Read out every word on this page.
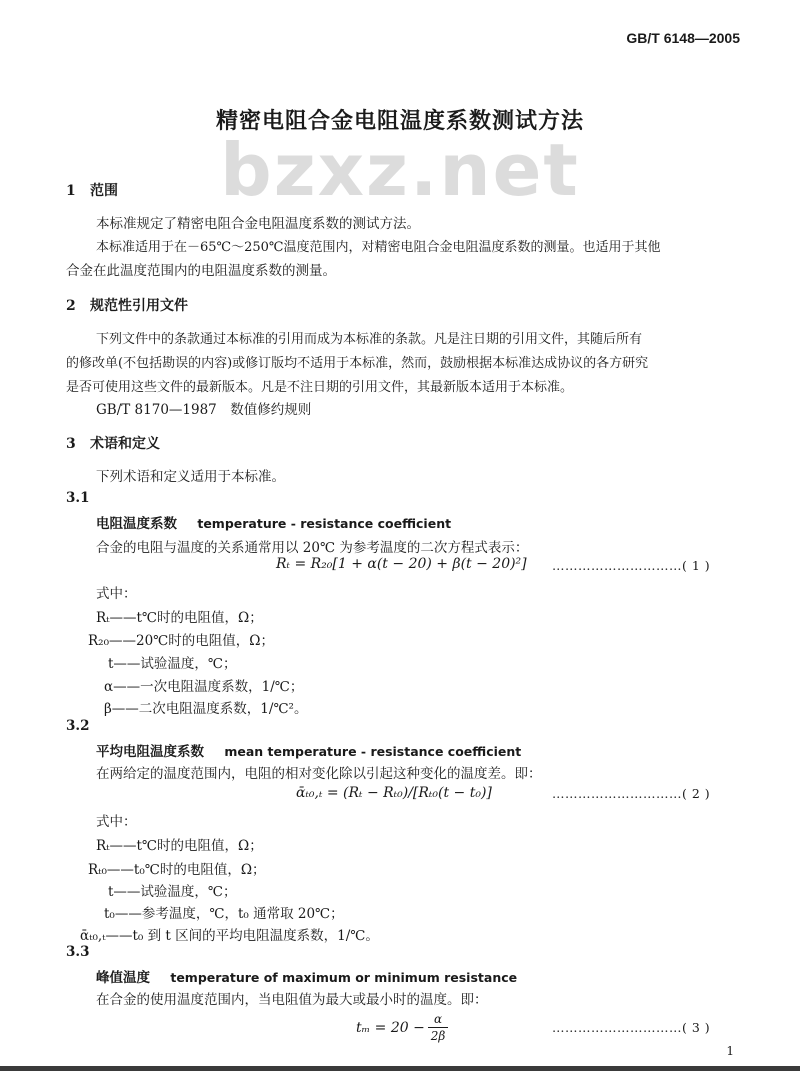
GB/T 6148—2005
bzxz.net
精密电阻合金电阻温度系数测试方法
1 范围
本标准规定了精密电阻合金电阻温度系数的测试方法。
本标准适用于在－65℃～250℃温度范围内，对精密电阻合金电阻温度系数的测量。也适用于其他
合金在此温度范围内的电阻温度系数的测量。
2 规范性引用文件
下列文件中的条款通过本标准的引用而成为本标准的条款。凡是注日期的引用文件，其随后所有
的修改单(不包括勘误的内容)或修订版均不适用于本标准，然而，鼓励根据本标准达成协议的各方研究
是否可使用这些文件的最新版本。凡是不注日期的引用文件，其最新版本适用于本标准。
GB/T 8170—1987　数值修约规则
3 术语和定义
下列术语和定义适用于本标准。
3.1
电阻温度系数 temperature - resistance coefficient
合金的电阻与温度的关系通常用以 20℃ 为参考温度的二次方程式表示：
Rₜ = R₂₀[1 + α(t − 20) + β(t − 20)²] …………………………( 1 )
式中：
Rₜ——t℃时的电阻值，Ω；
R₂₀——20℃时的电阻值，Ω；
t——试验温度，℃；
α——一次电阻温度系数，1/℃；
β——二次电阻温度系数，1/℃²。
3.2
平均电阻温度系数 mean temperature - resistance coefficient
在两给定的温度范围内，电阻的相对变化除以引起这种变化的温度差。即：
ᾱₜ₀,ₜ = (Rₜ − Rₜ₀)/[Rₜ₀(t − t₀)]	…………………………( 2 )
式中：
Rₜ——t℃时的电阻值，Ω；
Rₜ₀——t₀℃时的电阻值，Ω；
t——试验温度，℃；
t₀——参考温度，℃，t₀ 通常取 20℃；
ᾱₜ₀,ₜ——t₀ 到 t 区间的平均电阻温度系数，1/℃。
3.3
峰值温度 temperature of maximum or minimum resistance
在合金的使用温度范围内，当电阻值为最大或最小时的温度。即：
tₘ = 20 −
α
2β
…………………………( 3 )
1
